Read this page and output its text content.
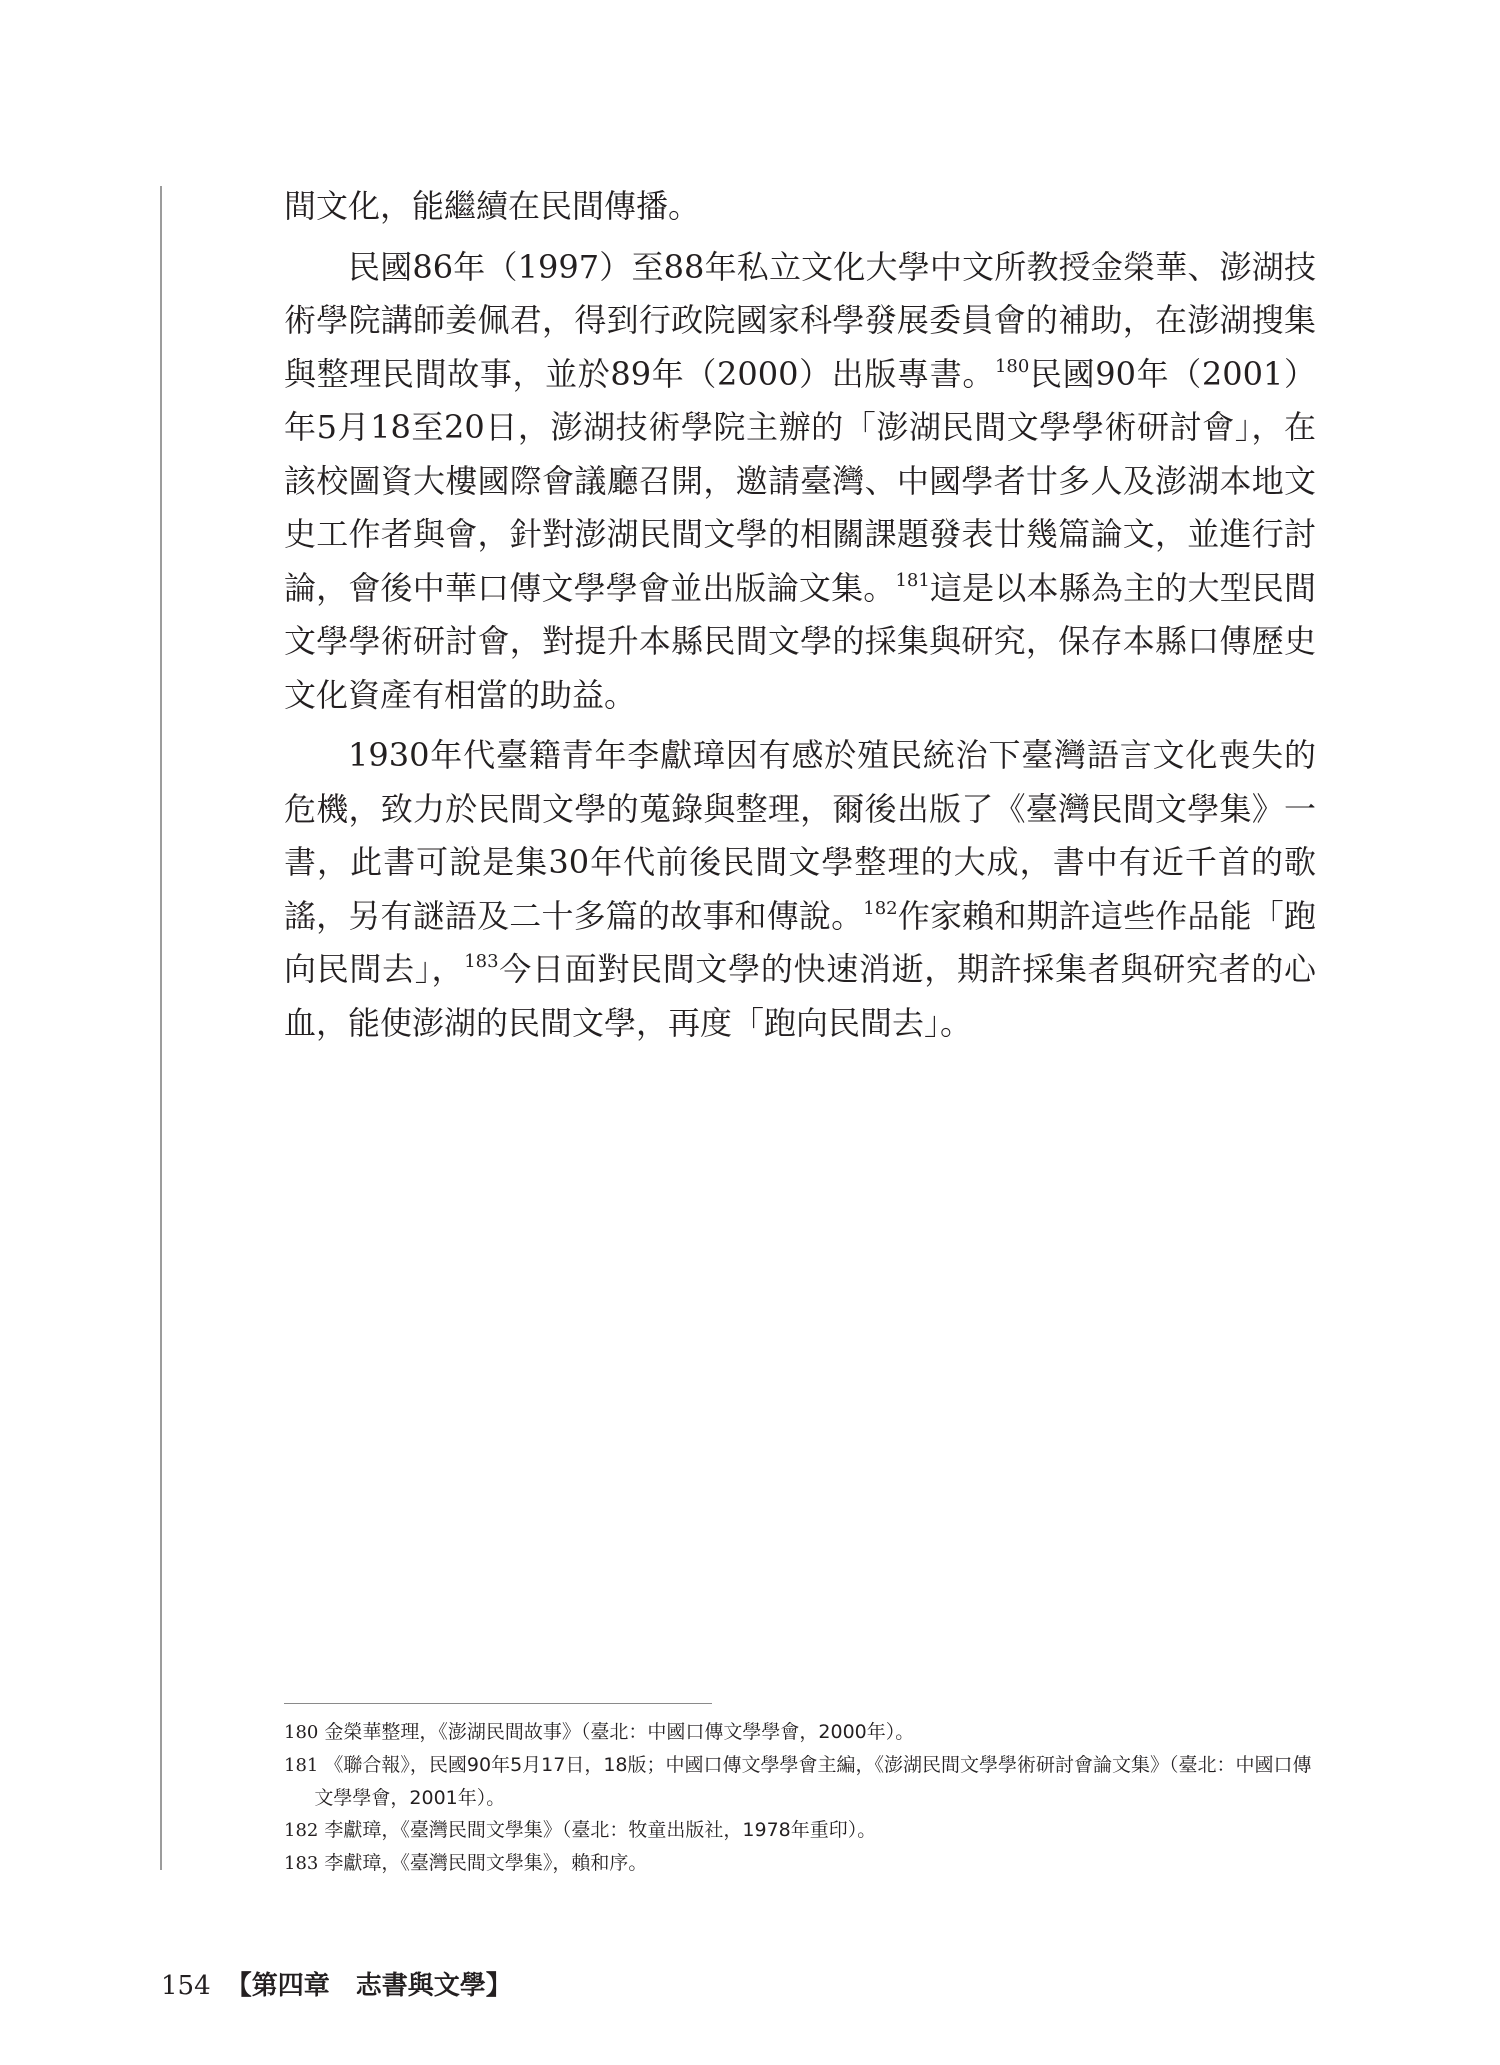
間文化，能繼續在民間傳播。

民國86年（1997）至88年私立文化大學中文所教授金榮華、澎湖技術學院講師姜佩君，得到行政院國家科學發展委員會的補助，在澎湖搜集與整理民間故事，並於89年（2000）出版專書。$^{180}$民國90年（2001）年5月18至20日，澎湖技術學院主辦的「澎湖民間文學學術研討會」，在該校圖資大樓國際會議廳召開，邀請臺灣、中國學者廿多人及澎湖本地文史工作者與會，針對澎湖民間文學的相關課題發表廿幾篇論文，並進行討論，會後中華口傳文學學會並出版論文集。$^{181}$這是以本縣為主的大型民間文學學術研討會，對提升本縣民間文學的採集與研究，保存本縣口傳歷史文化資產有相當的助益。

1930年代臺籍青年李獻璋因有感於殖民統治下臺灣語言文化喪失的危機，致力於民間文學的蒐錄與整理，爾後出版了《臺灣民間文學集》一書，此書可說是集30年代前後民間文學整理的大成，書中有近千首的歌謠，另有謎語及二十多篇的故事和傳說。$^{182}$作家賴和期許這些作品能「跑向民間去」，$^{183}$今日面對民間文學的快速消逝，期許採集者與研究者的心血，能使澎湖的民間文學，再度「跑向民間去」。

180 金榮華整理，《澎湖民間故事》（臺北：中國口傳文學學會，2000年）。
181 《聯合報》，民國90年5月17日，18版；中國口傳文學學會主編，《澎湖民間文學學術研討會論文集》（臺北：中國口傳文學學會，2001年）。
182 李獻璋，《臺灣民間文學集》（臺北：牧童出版社，1978年重印）。
183 李獻璋，《臺灣民間文學集》，賴和序。
154 【第四章　志書與文學】
